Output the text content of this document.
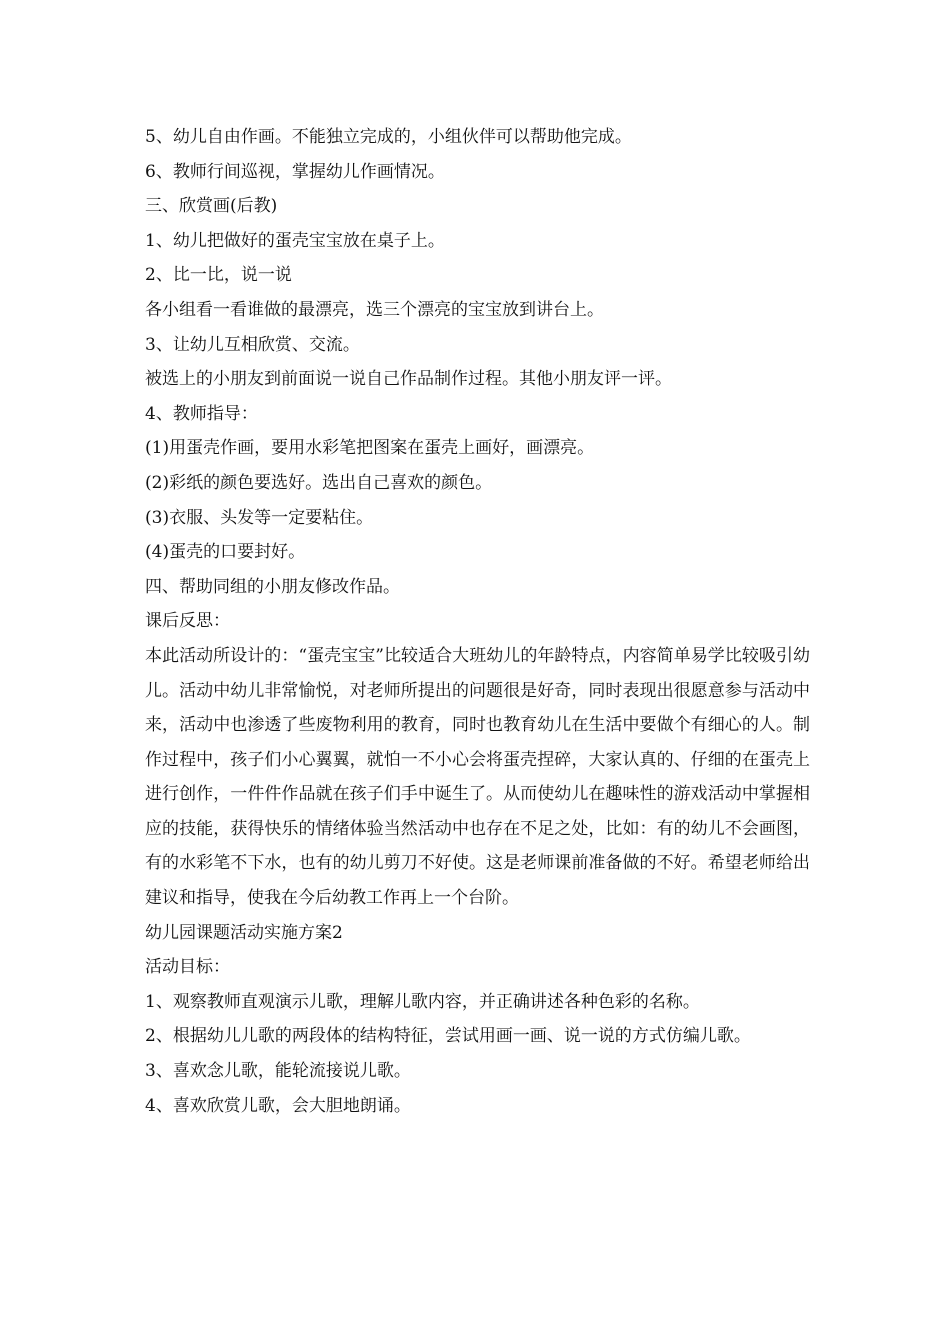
5、幼儿自由作画。不能独立完成的，小组伙伴可以帮助他完成。
6、教师行间巡视，掌握幼儿作画情况。
三、欣赏画(后教)
1、幼儿把做好的蛋壳宝宝放在桌子上。
2、比一比，说一说
各小组看一看谁做的最漂亮，选三个漂亮的宝宝放到讲台上。
3、让幼儿互相欣赏、交流。
被选上的小朋友到前面说一说自己作品制作过程。其他小朋友评一评。
4、教师指导：
(1)用蛋壳作画，要用水彩笔把图案在蛋壳上画好，画漂亮。
(2)彩纸的颜色要选好。选出自己喜欢的颜色。
(3)衣服、头发等一定要粘住。
(4)蛋壳的口要封好。
四、帮助同组的小朋友修改作品。
课后反思：

本此活动所设计的：“蛋壳宝宝”比较适合大班幼儿的年龄特点，内容简单易学比较吸引幼儿。活动中幼儿非常愉悦，对老师所提出的问题很是好奇，同时表现出很愿意参与活动中来，活动中也渗透了些废物利用的教育，同时也教育幼儿在生活中要做个有细心的人。制作过程中，孩子们小心翼翼，就怕一不小心会将蛋壳捏碎，大家认真的、仔细的在蛋壳上进行创作，一件件作品就在孩子们手中诞生了。从而使幼儿在趣味性的游戏活动中掌握相应的技能，获得快乐的情绪体验当然活动中也存在不足之处，比如：有的幼儿不会画图，有的水彩笔不下水，也有的幼儿剪刀不好使。这是老师课前准备做的不好。希望老师给出建议和指导，使我在今后幼教工作再上一个台阶。

幼儿园课题活动实施方案2
活动目标：
1、观察教师直观演示儿歌，理解儿歌内容，并正确讲述各种色彩的名称。
2、根据幼儿儿歌的两段体的结构特征，尝试用画一画、说一说的方式仿编儿歌。
3、喜欢念儿歌，能轮流接说儿歌。
4、喜欢欣赏儿歌，会大胆地朗诵。
